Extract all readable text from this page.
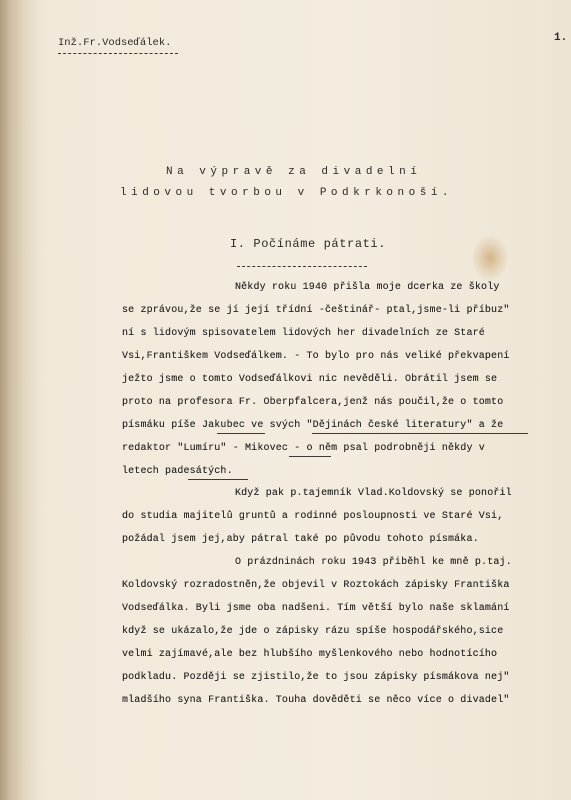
Inž.Fr.Vodseďálek.	1.
Na výpravě za divadelní
lidovou tvorbou v Podkrkonoší.
I. Počínáme pátrati.
Někdy roku 1940 přišla moje dcerka ze školy
se zprávou,že se jí její třídní -češtinář- ptal,jsme-li příbuz"
ní s lidovým spisovatelem lidových her divadelních ze Staré
Vsi,Františkem Vodseďálkem. - To bylo pro nás veliké překvapení
ježto jsme o tomto Vodseďálkovi nic nevěděli. Obrátil jsem se
proto na profesora Fr. Oberpfalcera,jenž nás poučil,že o tomto
písmáku píše Jakubec ve svých "Dějinách české literatury" a že
redaktor "Lumíru" - Mikovec - o něm psal podrobněji někdy v
letech padesátých.
Když pak p.tajemník Vlad.Koldovský se ponořil
do studia majitelů gruntů a rodinné posloupnosti ve Staré Vsi,
požádal jsem jej,aby pátral také po původu tohoto písmáka.
O prázdninách roku 1943 přiběhl ke mně p.taj.
Koldovský rozradostněn,že objevil v Roztokách zápisky Františka
Vodseďálka. Byli jsme oba nadšeni. Tím větší bylo naše sklamání
když se ukázalo,že jde o zápisky rázu spíše hospodářského,sice
velmi zajímavé,ale bez hlubšího myšlenkového nebo hodnotícího
podkladu. Později se zjistilo,že to jsou zápisky písmákova nej"
mladšího syna Františka. Touha dověděti se něco více o divadel"
